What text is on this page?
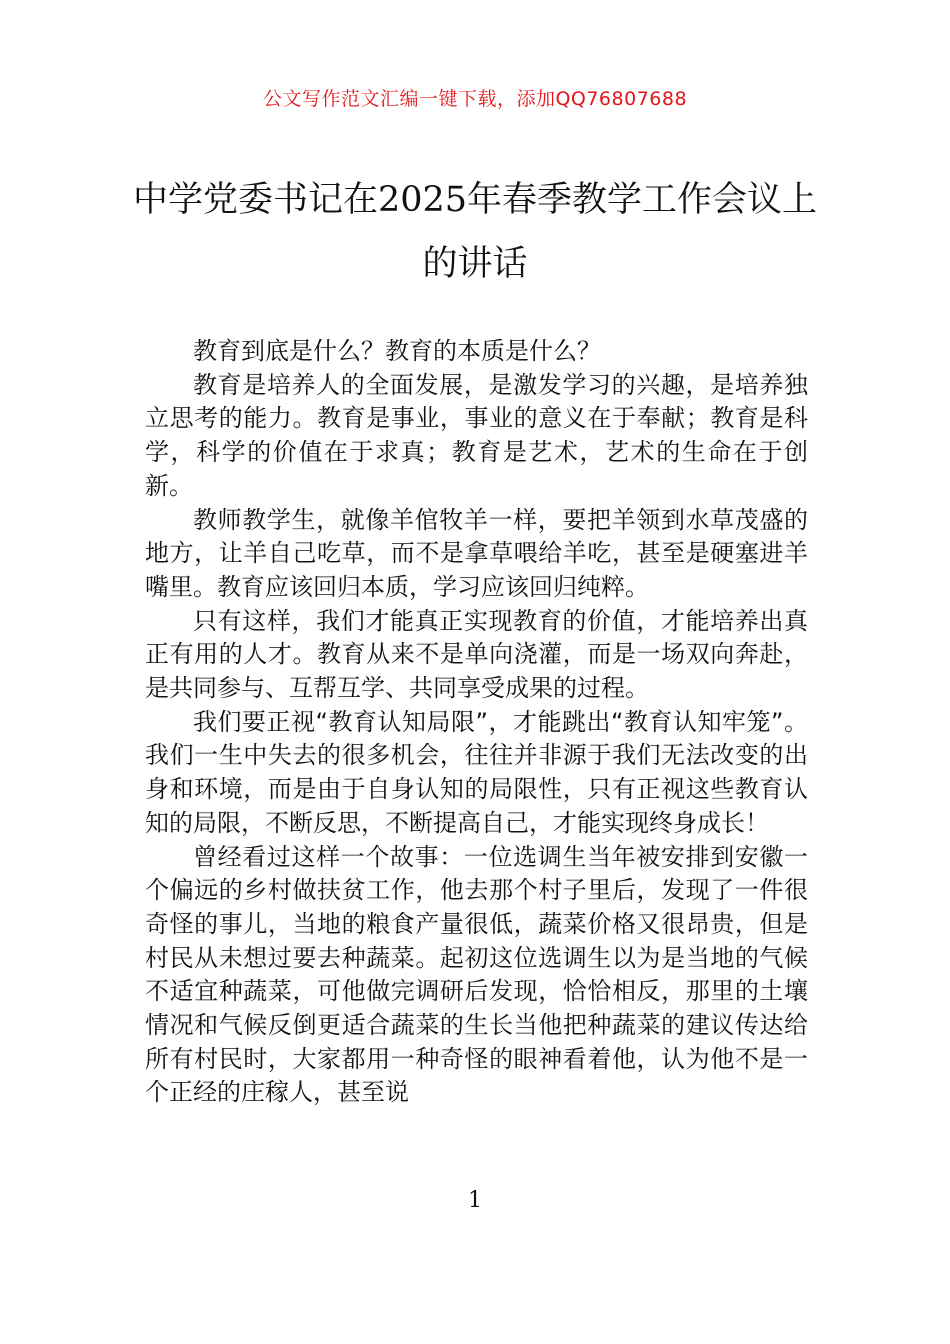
公文写作范文汇编一键下载，添加QQ76807688
中学党委书记在2025年春季教学工作会议上的讲话

教育到底是什么？教育的本质是什么？

教育是培养人的全面发展，是激发学习的兴趣，是培养独立思考的能力。教育是事业，事业的意义在于奉献；教育是科学，科学的价值在于求真；教育是艺术，艺术的生命在于创新。

教师教学生，就像羊倌牧羊一样，要把羊领到水草茂盛的地方，让羊自己吃草，而不是拿草喂给羊吃，甚至是硬塞进羊嘴里。教育应该回归本质，学习应该回归纯粹。

只有这样，我们才能真正实现教育的价值，才能培养出真正有用的人才。教育从来不是单向浇灌，而是一场双向奔赴，是共同参与、互帮互学、共同享受成果的过程。

我们要正视“教育认知局限”，才能跳出“教育认知牢笼”。我们一生中失去的很多机会，往往并非源于我们无法改变的出身和环境，而是由于自身认知的局限性，只有正视这些教育认知的局限，不断反思，不断提高自己，才能实现终身成长！

曾经看过这样一个故事：一位选调生当年被安排到安徽一个偏远的乡村做扶贫工作，他去那个村子里后，发现了一件很奇怪的事儿，当地的粮食产量很低，蔬菜价格又很昂贵，但是村民从未想过要去种蔬菜。起初这位选调生以为是当地的气候不适宜种蔬菜，可他做完调研后发现，恰恰相反，那里的土壤情况和气候反倒更适合蔬菜的生长当他把种蔬菜的建议传达给所有村民时，大家都用一种奇怪的眼神看着他，认为他不是一个正经的庄稼人，甚至说

1
